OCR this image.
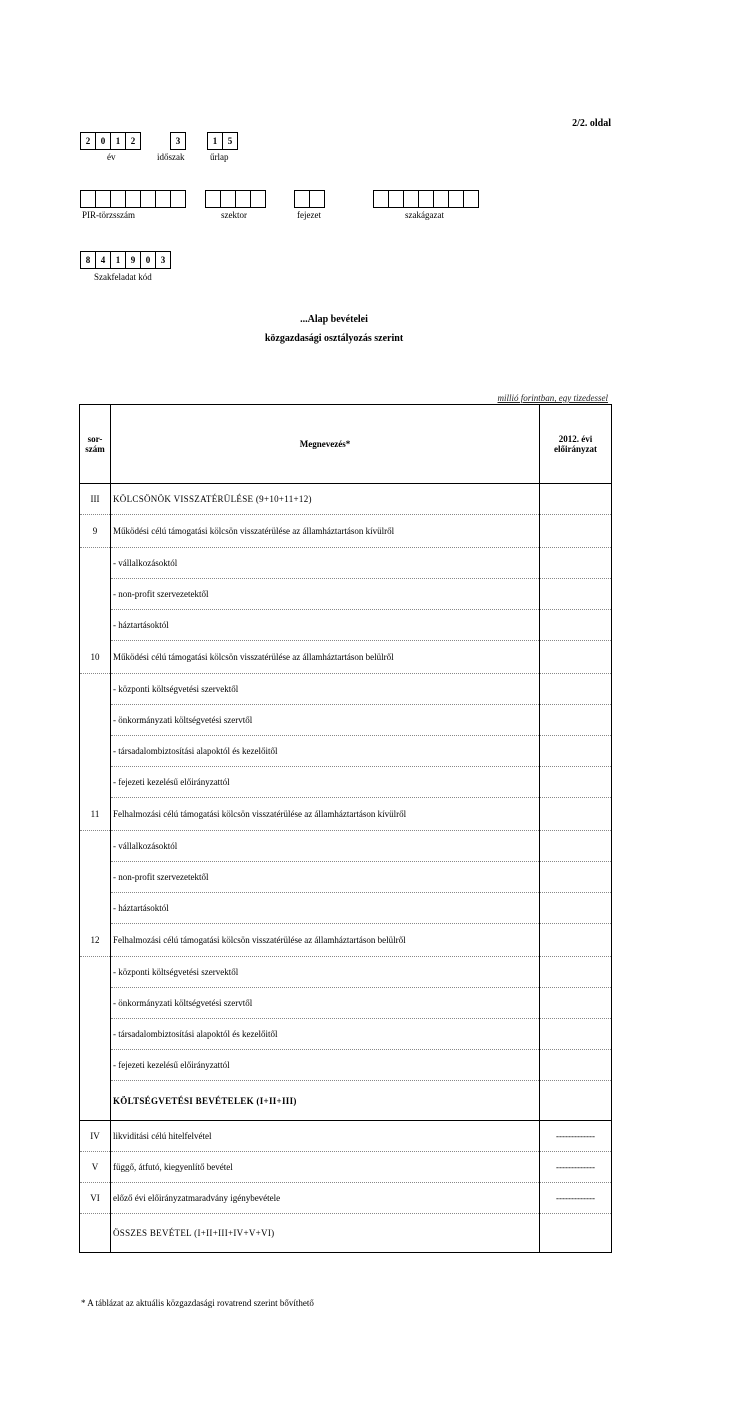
2/2. oldal
2	0	1	2	3	1	5
év	időszak	űrlap
PIR-törzsszám	szektor	fejezet	szakágazat
8	4	1	9	0	3
Szakfeladat kód
...Alap bevételei
közgazdasági osztályozás szerint
millió forintban, egy tizedessel
sor-szám	Megnevezés*	2012. évi előirányzat
III	KÖLCSÖNÖK VISSZATÉRÜLÉSE (9+10+11+12)	
9	Működési célú támogatási kölcsön visszatérülése az államháztartáson kívülről	
	- vállalkozásoktól	
	- non-profit szervezetektől	
	- háztartásoktól	
10	Működési célú támogatási kölcsön visszatérülése az államháztartáson belülről	
	- központi költségvetési szervektől	
	- önkormányzati költségvetési szervtől	
	- társadalombiztosítási alapoktól és kezelőitől	
	- fejezeti kezelésű előirányzattól	
11	Felhalmozási célú támogatási kölcsön visszatérülése az államháztartáson kívülről	
	- vállalkozásoktól	
	- non-profit szervezetektől	
	- háztartásoktól	
12	Felhalmozási célú támogatási kölcsön visszatérülése az államháztartáson belülről	
	- központi költségvetési szervektől	
	- önkormányzati költségvetési szervtől	
	- társadalombiztosítási alapoktól és kezelőitől	
	- fejezeti kezelésű előirányzattól	
	KÖLTSÉGVETÉSI BEVÉTELEK (I+II+III)	
IV	likviditási célú hitelfelvétel	-------------
V	függő, átfutó, kiegyenlítő bevétel	-------------
VI	előző évi előirányzatmaradvány igénybevétele	-------------
	ÖSSZES BEVÉTEL (I+II+III+IV+V+VI)	
* A táblázat az aktuális közgazdasági rovatrend szerint bővíthető
